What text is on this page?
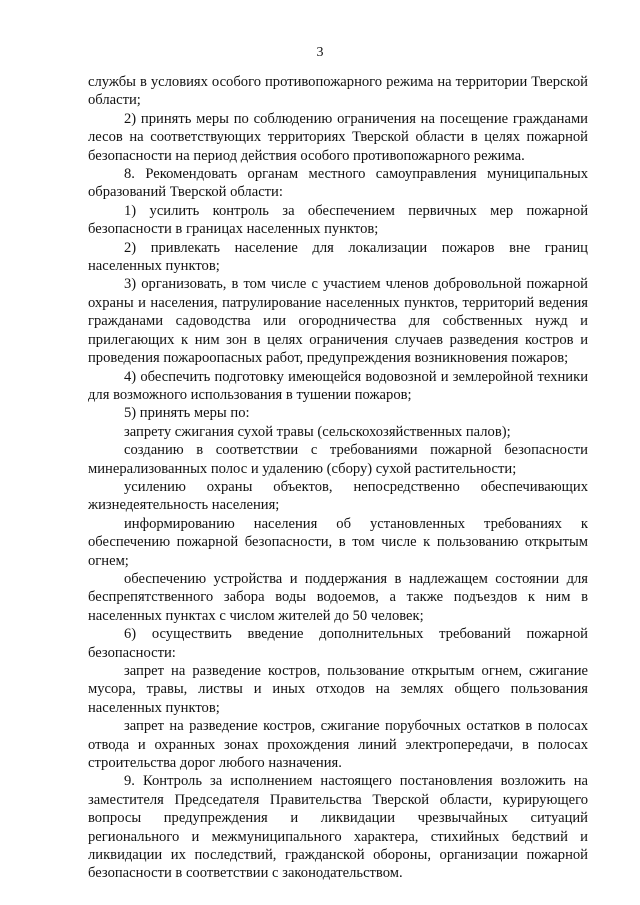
3

службы в условиях особого противопожарного режима на территории Тверской области;

2) принять меры по соблюдению ограничения на посещение гражданами лесов на соответствующих территориях Тверской области в целях пожарной безопасности на период действия особого противопожарного режима.

8. Рекомендовать органам местного самоуправления муниципальных образований Тверской области:

1) усилить контроль за обеспечением первичных мер пожарной безопасности в границах населенных пунктов;

2) привлекать население для локализации пожаров вне границ населенных пунктов;

3) организовать, в том числе с участием членов добровольной пожарной охраны и населения, патрулирование населенных пунктов, территорий ведения гражданами садоводства или огородничества для собственных нужд и прилегающих к ним зон в целях ограничения случаев разведения костров и проведения пожароопасных работ, предупреждения возникновения пожаров;

4) обеспечить подготовку имеющейся водовозной и землеройной техники для возможного использования в тушении пожаров;

5) принять меры по:

запрету сжигания сухой травы (сельскохозяйственных палов);

созданию в соответствии с требованиями пожарной безопасности минерализованных полос и удалению (сбору) сухой растительности;

усилению охраны объектов, непосредственно обеспечивающих жизнедеятельность населения;

информированию населения об установленных требованиях к обеспечению пожарной безопасности, в том числе к пользованию открытым огнем;

обеспечению устройства и поддержания в надлежащем состоянии для беспрепятственного забора воды водоемов, а также подъездов к ним в населенных пунктах с числом жителей до 50 человек;

6) осуществить введение дополнительных требований пожарной безопасности:

запрет на разведение костров, пользование открытым огнем, сжигание мусора, травы, листвы и иных отходов на землях общего пользования населенных пунктов;

запрет на разведение костров, сжигание порубочных остатков в полосах отвода и охранных зонах прохождения линий электропередачи, в полосах строительства дорог любого назначения.

9. Контроль за исполнением настоящего постановления возложить на заместителя Председателя Правительства Тверской области, курирующего вопросы предупреждения и ликвидации чрезвычайных ситуаций регионального и межмуниципального характера, стихийных бедствий и ликвидации их последствий, гражданской обороны, организации пожарной безопасности в соответствии с законодательством.
